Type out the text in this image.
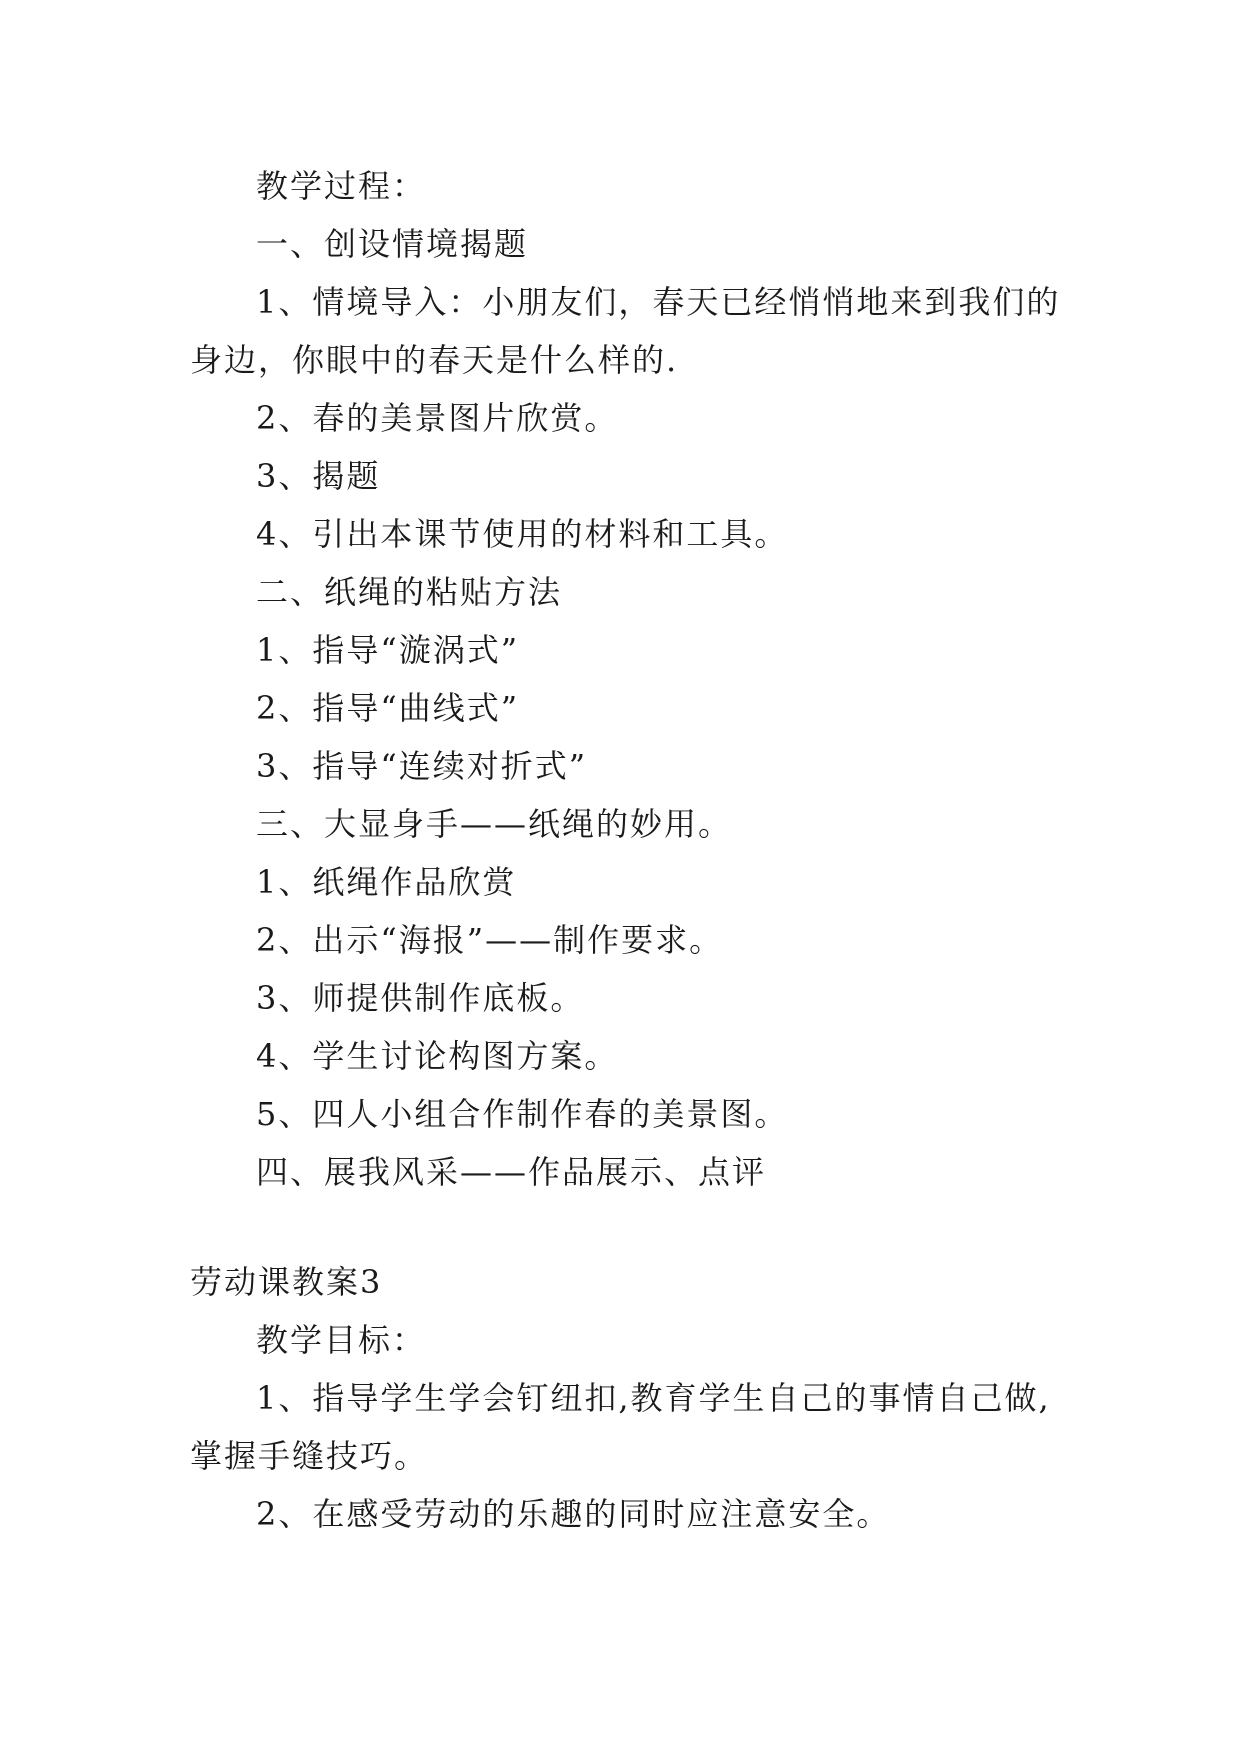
教学过程：
一、创设情境揭题
1、情境导入：小朋友们，春天已经悄悄地来到我们的
身边，你眼中的春天是什么样的.
2、春的美景图片欣赏。
3、揭题
4、引出本课节使用的材料和工具。
二、纸绳的粘贴方法
1、指导“漩涡式”
2、指导“曲线式”
3、指导“连续对折式”
三、大显身手——纸绳的妙用。
1、纸绳作品欣赏
2、出示“海报”——制作要求。
3、师提供制作底板。
4、学生讨论构图方案。
5、四人小组合作制作春的美景图。
四、展我风采——作品展示、点评
劳动课教案3
教学目标：
1、指导学生学会钉纽扣,教育学生自己的事情自己做,
掌握手缝技巧。
2、在感受劳动的乐趣的同时应注意安全。
